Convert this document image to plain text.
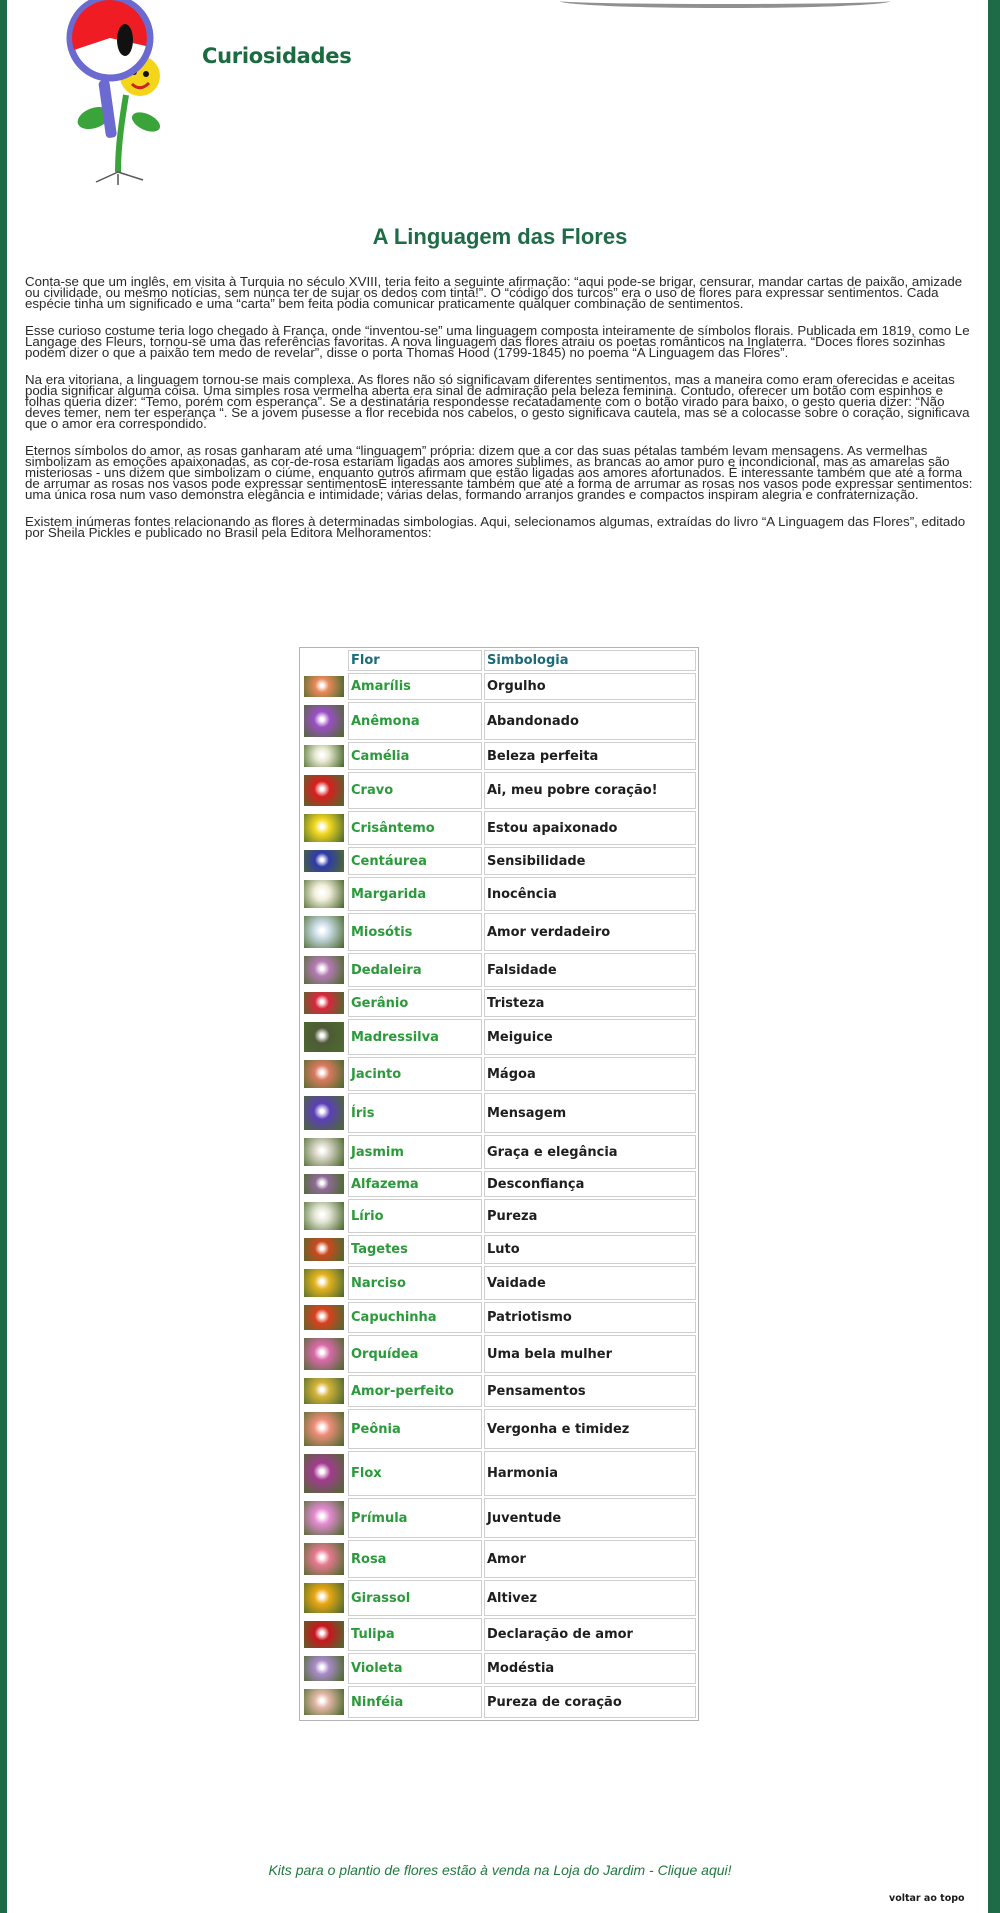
Curiosidades
A Linguagem das Flores

Conta-se que um inglês, em visita à Turquia no século XVIII, teria feito a seguinte afirmação: “aqui pode-se brigar, censurar, mandar cartas de paixão, amizade ou civilidade, ou mesmo notícias, sem nunca ter de sujar os dedos com tinta!”. O “código dos turcos” era o uso de flores para expressar sentimentos. Cada espécie tinha um significado e uma “carta” bem feita podia comunicar praticamente qualquer combinação de sentimentos.

Esse curioso costume teria logo chegado à França, onde “inventou-se” uma linguagem composta inteiramente de símbolos florais. Publicada em 1819, como Le Langage des Fleurs, tornou-se uma das referências favoritas. A nova linguagem das flores atraiu os poetas românticos na Inglaterra. “Doces flores sozinhas podem dizer o que a paixão tem medo de revelar”, disse o porta Thomas Hood (1799-1845) no poema “A Linguagem das Flores”.

Na era vitoriana, a linguagem tornou-se mais complexa. As flores não só significavam diferentes sentimentos, mas a maneira como eram oferecidas e aceitas podia significar alguma coisa. Uma simples rosa vermelha aberta era sinal de admiração pela beleza feminina. Contudo, oferecer um botão com espinhos e folhas queria dizer: “Temo, porém com esperança”. Se a destinatária respondesse recatadamente com o botão virado para baixo, o gesto queria dizer: “Não deves temer, nem ter esperança “. Se a jovem pusesse a flor recebida nos cabelos, o gesto significava cautela, mas se a colocasse sobre o coração, significava que o amor era correspondido.

Eternos símbolos do amor, as rosas ganharam até uma “linguagem” própria: dizem que a cor das suas pétalas também levam mensagens. As vermelhas simbolizam as emoções apaixonadas, as cor-de-rosa estariam ligadas aos amores sublimes, as brancas ao amor puro e incondicional, mas as amarelas são misteriosas - uns dizem que simbolizam o ciúme, enquanto outros afirmam que estão ligadas aos amores afortunados. É interessante também que até a forma de arrumar as rosas nos vasos pode expressar sentimentosÉ interessante também que até a forma de arrumar as rosas nos vasos pode expressar sentimentos: uma única rosa num vaso demonstra elegância e intimidade; várias delas, formando arranjos grandes e compactos inspiram alegria e confraternização.

Existem inúmeras fontes relacionando as flores à determinadas simbologias. Aqui, selecionamos algumas, extraídas do livro “A Linguagem das Flores”, editado por Sheila Pickles e publicado no Brasil pela Editora Melhoramentos:

	Flor	Simbologia

	Amarílis	Orgulho

	Anêmona	Abandonado

	Camélia	Beleza perfeita

	Cravo	Ai, meu pobre coração!

	Crisântemo	Estou apaixonado

	Centáurea	Sensibilidade

	Margarida	Inocência

	Miosótis	Amor verdadeiro

	Dedaleira	Falsidade

	Gerânio	Tristeza

	Madressilva	Meiguice

	Jacinto	Mágoa

	Íris	Mensagem

	Jasmim	Graça e elegância

	Alfazema	Desconfiança

	Lírio	Pureza

	Tagetes	Luto

	Narciso	Vaidade

	Capuchinha	Patriotismo

	Orquídea	Uma bela mulher

	Amor-perfeito	Pensamentos

	Peônia	Vergonha e timidez

	Flox	Harmonia

	Prímula	Juventude

	Rosa	Amor

	Girassol	Altivez

	Tulipa	Declaração de amor

	Violeta	Modéstia

	Ninféia	Pureza de coração
Kits para o plantio de flores estão à venda na Loja do Jardim - Clique aqui!
voltar ao topo
